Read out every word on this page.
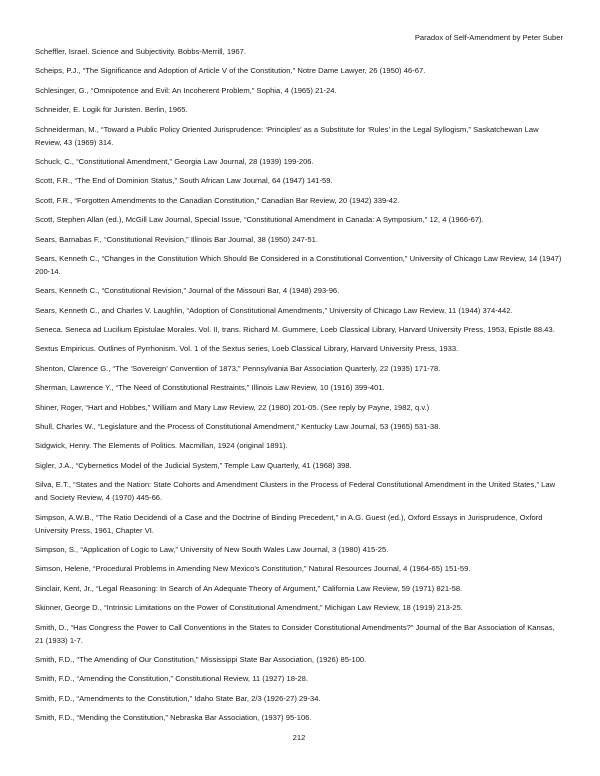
Paradox of Self-Amendment by Peter Suber

Scheffler, Israel. Science and Subjectivity. Bobbs-Merrill, 1967.

Scheips, P.J., “The Significance and Adoption of Article V of the Constitution,” Notre Dame Lawyer, 26 (1950) 46-67.

Schlesinger, G., “Omnipotence and Evil: An Incoherent Problem,” Sophia, 4 (1965) 21-24.

Schneider, E. Logik für Juristen. Berlin, 1965.

Schneiderman, M., “Toward a Public Policy Oriented Jurisprudence: ‘Principles’ as a Substitute for ‘Rules’ in the Legal Syllogism,” Saskatchewan Law Review, 43 (1969) 314.

Schuck, C., “Constitutional Amendment,” Georgia Law Journal, 28 (1939) 199-206.

Scott, F.R., “The End of Dominion Status,” South African Law Journal, 64 (1947) 141-59.

Scott, F.R., “Forgotten Amendments to the Canadian Constitution,” Canadian Bar Review, 20 (1942) 339-42.

Scott, Stephen Allan (ed.), McGill Law Journal, Special Issue, “Constitutional Amendment in Canada: A Symposium,” 12, 4 (1966-67).

Sears, Barnabas F., “Constitutional Revision,” Illinois Bar Journal, 38 (1950) 247-51.

Sears, Kenneth C., “Changes in the Constitution Which Should Be Considered in a Constitutional Convention,” University of Chicago Law Review, 14 (1947) 200-14.

Sears, Kenneth C., “Constitutional Revision,” Journal of the Missouri Bar, 4 (1948) 293-96.

Sears, Kenneth C., and Charles V. Laughlin, “Adoption of Constitutional Amendments,” University of Chicago Law Review, 11 (1944) 374-442.

Seneca. Seneca ad Lucilium Epistulae Morales. Vol. II, trans. Richard M. Gummere, Loeb Classical Library, Harvard University Press, 1953, Epistle 88.43.

Sextus Empiricus. Outlines of Pyrrhonism. Vol. 1 of the Sextus series, Loeb Classical Library, Harvard University Press, 1933.

Shenton, Clarence G., “The ‘Sovereign’ Convention of 1873,” Pennsylvania Bar Association Quarterly, 22 (1935) 171-78.

Sherman, Lawrence Y., “The Need of Constitutional Restraints,” Illinois Law Review, 10 (1916) 399-401.

Shiner, Roger, “Hart and Hobbes,” William and Mary Law Review, 22 (1980) 201-05. (See reply by Payne, 1982, q.v.)

Shull, Charles W., “Legislature and the Process of Constitutional Amendment,” Kentucky Law Journal, 53 (1965) 531-38.

Sidgwick, Henry. The Elements of Politics. Macmillan, 1924 (original 1891).

Sigler, J.A., “Cybernetics Model of the Judicial System,” Temple Law Quarterly, 41 (1968) 398.

Silva, E.T., “States and the Nation: State Cohorts and Amendment Clusters in the Process of Federal Constitutional Amendment in the United States,” Law and Society Review, 4 (1970) 445-66.

Simpson, A.W.B., “The Ratio Decidendi of a Case and the Doctrine of Binding Precedent,” in A.G. Guest (ed.), Oxford Essays in Jurisprudence, Oxford University Press, 1961, Chapter VI.

Simpson, S., “Application of Logic to Law,” University of New South Wales Law Journal, 3 (1980) 415-25.

Simson, Helene, “Procedural Problems in Amending New Mexico's Constitution,” Natural Resources Journal, 4 (1964-65) 151-59.

Sinclair, Kent, Jr., “Legal Reasoning: In Search of An Adequate Theory of Argument,” California Law Review, 59 (1971) 821-58.

Skinner, George D., “Intrinsic Limitations on the Power of Constitutional Amendment,” Michigan Law Review, 18 (1919) 213-25.

Smith, D., “Has Congress the Power to Call Conventions in the States to Consider Constitutional Amendments?” Journal of the Bar Association of Kansas, 21 (1933) 1-7.

Smith, F.D., “The Amending of Our Constitution,” Mississippi State Bar Association, (1926) 85-100.

Smith, F.D., “Amending the Constitution,” Constitutional Review, 11 (1927) 18-28.

Smith, F.D., “Amendments to the Constitution,” Idaho State Bar, 2/3 (1926-27) 29-34.

Smith, F.D., “Mending the Constitution,” Nebraska Bar Association, (1937) 95-106.

212
